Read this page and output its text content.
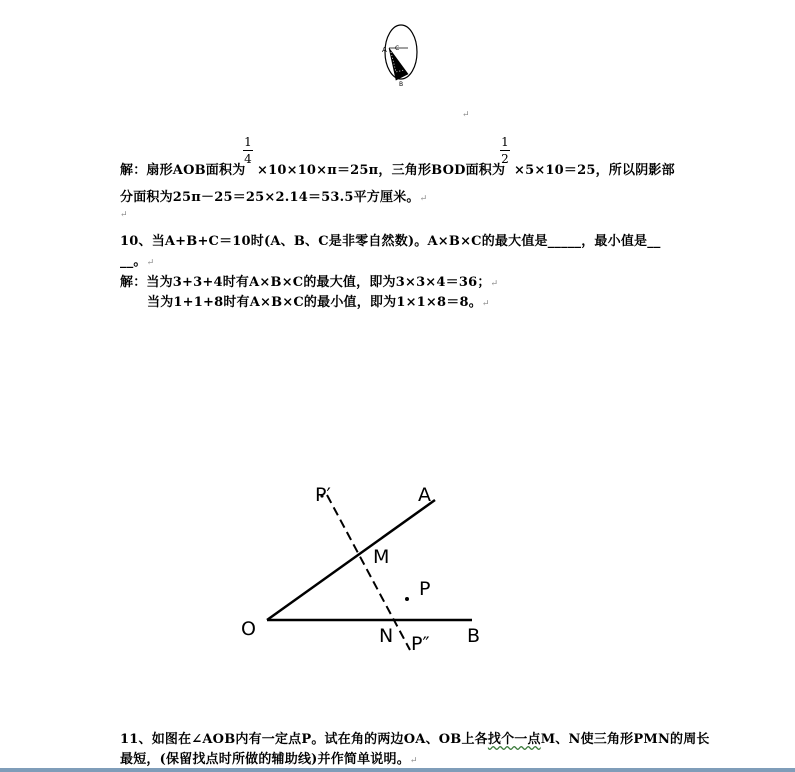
A C
B
↵
解：扇形AOB面积为
1
4
×10×10×π＝25π，三角形BOD面积为
1
2
×5×10＝25，所以阴影部
分面积为25π－25＝25×2.14＝53.5平方厘米。↵
↵
10、当A+B+C＝10时(A、B、C是非零自然数)。A×B×C的最大值是_____，最小值是__
__。↵
解：当为3+3+4时有A×B×C的最大值，即为3×3×4＝36；↵
当为1+1+8时有A×B×C的最小值，即为1×1×8＝8。↵
P′	A
M
P
O	N	B
P″
11、如图在∠AOB内有一定点P。试在角的两边OA、OB上各找个一点M、N使三角形PMN的周长
最短，(保留找点时所做的辅助线)并作简单说明。↵
